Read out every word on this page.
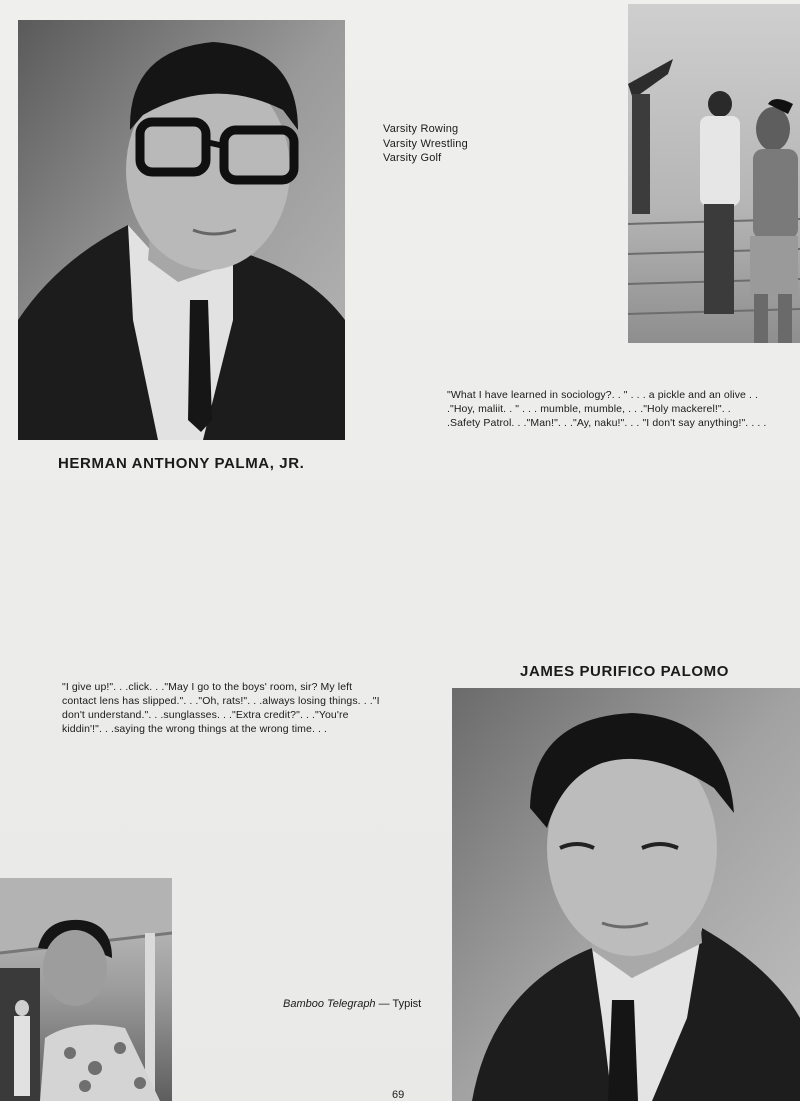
Varsity Rowing
Varsity Wrestling
Varsity Golf

"What I have learned in sociology?. . " . . . a pickle and an olive . . ."Hoy, maliit. . " . . . mumble, mumble, . . ."Holy mackerel!". . .Safety Patrol. . ."Man!". . ."Ay, naku!". . . "I don't say anything!". . . .

HERMAN ANTHONY PALMA, JR.
JAMES PURIFICO PALOMO

"I give up!". . .click. . ."May I go to the boys' room, sir? My left contact lens has slipped.". . ."Oh, rats!". . .always losing things. . ."I don't understand.". . .sunglasses. . ."Extra credit?". . ."You're kiddin'!". . .saying the wrong things at the wrong time. . .

Bamboo Telegraph — Typist
69
